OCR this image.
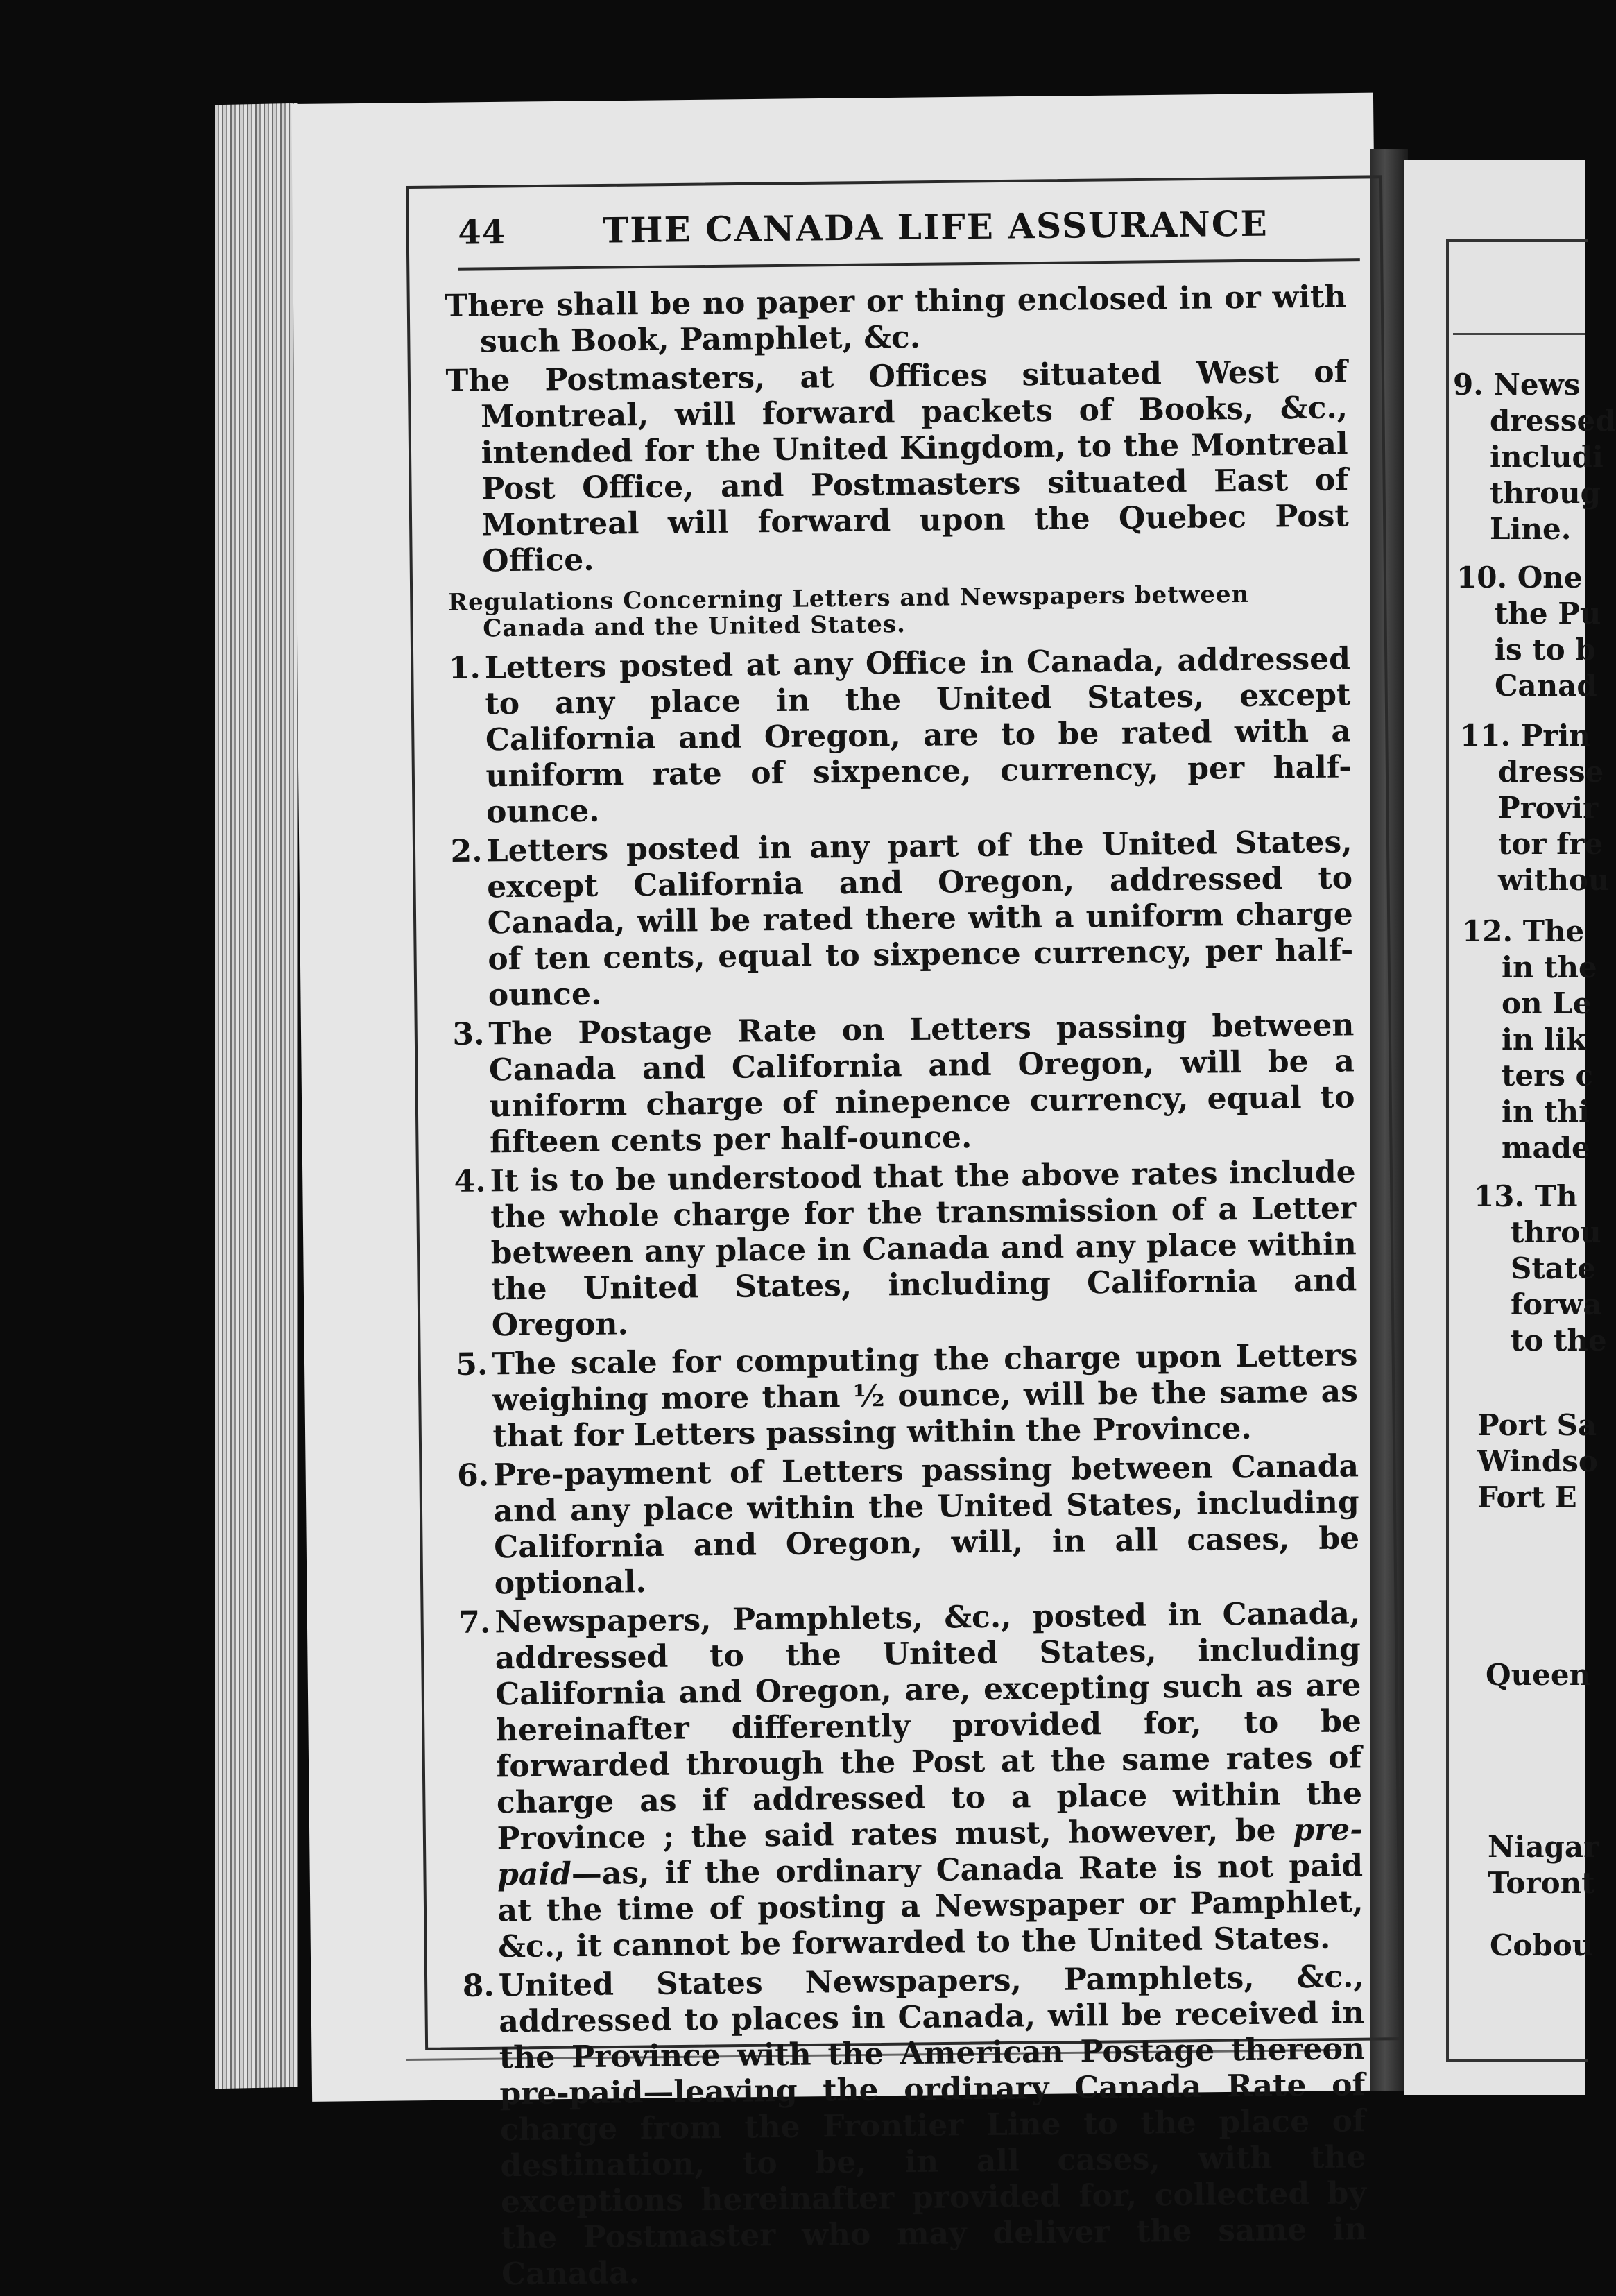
44	THE CANADA LIFE ASSURANCE

There shall be no paper or thing enclosed in or with such Book, Pamphlet, &c.

The Postmasters, at Offices situated West of Montreal, will forward packets of Books, &c., intended for the United Kingdom, to the Montreal Post Office, and Postmasters situated East of Montreal will forward upon the Quebec Post Office.

Regulations Concerning Letters and Newspapers between Canada and the United States.
1. Letters posted at any Office in Canada, addressed to any place in the United States, except California and Oregon, are to be rated with a uniform rate of sixpence, currency, per half-ounce.
2. Letters posted in any part of the United States, except California and Oregon, addressed to Canada, will be rated there with a uniform charge of ten cents, equal to sixpence currency, per half-ounce.
3. The Postage Rate on Letters passing between Canada and California and Oregon, will be a uniform charge of ninepence currency, equal to fifteen cents per half-ounce.
4. It is to be understood that the above rates include the whole charge for the transmission of a Letter between any place in Canada and any place within the United States, including California and Oregon.
5. The scale for computing the charge upon Letters weighing more than ½ ounce, will be the same as that for Letters passing within the Province.
6. Pre-payment of Letters passing between Canada and any place within the United States, including California and Oregon, will, in all cases, be optional.
7. Newspapers, Pamphlets, &c., posted in Canada, addressed to the United States, including California and Oregon, are, excepting such as are hereinafter differently provided for, to be forwarded through the Post at the same rates of charge as if addressed to a place within the Province ; the said rates must, however, be pre-paid—as, if the ordinary Canada Rate is not paid at the time of posting a Newspaper or Pamphlet, &c., it cannot be forwarded to the United States.
8. United States Newspapers, Pamphlets, &c., addressed to places in Canada, will be received in the Province with the American Postage thereon pre-paid—leaving the ordinary Canada Rate of charge from the Frontier Line to the place of destination, to be, in all cases, with the exceptions hereinafter provided for, collected by the Postmaster who may deliver the same in Canada.
9. News
dressed
includi
throug
Line.
10. One
the Pu
is to b
Canad
11. Prin
dresse
Provir
tor fre
withou
12. The
in the
on Le
in lik
ters c
in thi
made
13. Th
throu
State
forwa
to the
Port Sa
Windso
Fort E
Queen
Niagar
Toront
Cobou
